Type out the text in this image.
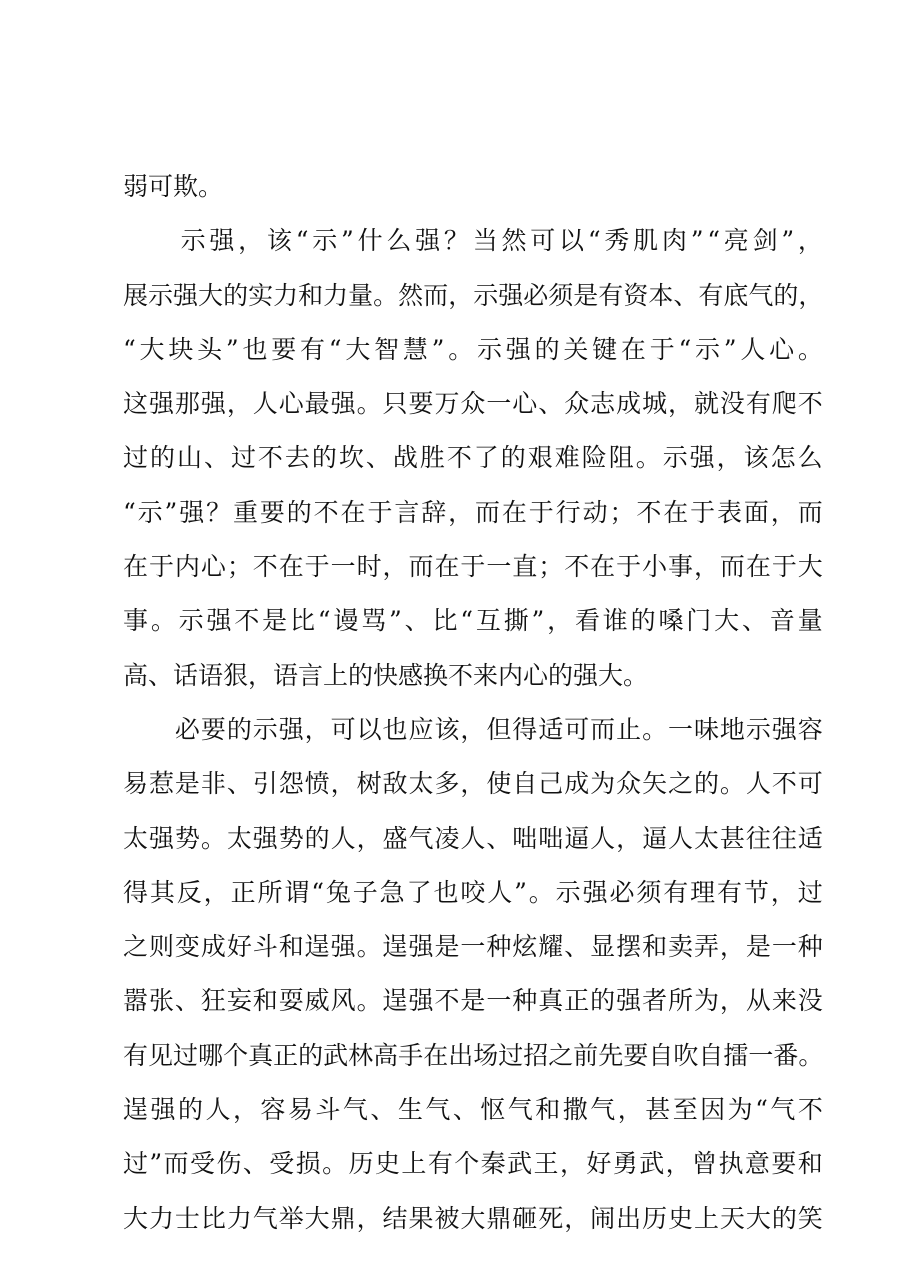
弱可欺。

示 强 ， 该 “ 示 ” 什 么 强 ？ 当 然 可 以 “ 秀 肌 肉 ” “ 亮 剑 ” ，
展 示 强 大 的 实 力 和 力 量 。 然 而 ， 示 强 必 须 是 有 资 本 、 有 底 气 的 ，
“ 大 块 头 ” 也 要 有 “ 大 智 慧 ” 。 示 强 的 关 键 在 于 “ 示 ” 人 心 。
这 强 那 强 ， 人 心 最 强 。 只 要 万 众 一 心 、 众 志 成 城 ， 就 没 有 爬 不
过 的 山 、 过 不 去 的 坎 、 战 胜 不 了 的 艰 难 险 阻 。 示 强 ， 该 怎 么
“ 示 ” 强 ？ 重 要 的 不 在 于 言 辞 ， 而 在 于 行 动 ； 不 在 于 表 面 ， 而
在 于 内 心 ； 不 在 于 一 时 ， 而 在 于 一 直 ； 不 在 于 小 事 ， 而 在 于 大
事 。 示 强 不 是 比 “ 谩 骂 ” 、 比 “ 互 撕 ” ， 看 谁 的 嗓 门 大 、 音 量
高、话语狠，语言上的快感换不来内心的强大。

必 要 的 示 强 ， 可 以 也 应 该 ， 但 得 适 可 而 止 。 一 味 地 示 强 容
易 惹 是 非 、 引 怨 愤 ， 树 敌 太 多 ， 使 自 己 成 为 众 矢 之 的 。 人 不 可
太 强 势 。 太 强 势 的 人 ， 盛 气 凌 人 、 咄 咄 逼 人 ， 逼 人 太 甚 往 往 适
得 其 反 ， 正 所 谓 “ 兔 子 急 了 也 咬 人 ” 。 示 强 必 须 有 理 有 节 ， 过
之 则 变 成 好 斗 和 逞 强 。 逞 强 是 一 种 炫 耀 、 显 摆 和 卖 弄 ， 是 一 种
嚣 张 、 狂 妄 和 耍 威 风 。 逞 强 不 是 一 种 真 正 的 强 者 所 为 ， 从 来 没
有 见 过 哪 个 真 正 的 武 林 高 手 在 出 场 过 招 之 前 先 要 自 吹 自 擂 一 番 。
逞 强 的 人 ， 容 易 斗 气 、 生 气 、 怄 气 和 撒 气 ， 甚 至 因 为 “ 气 不
过 ” 而 受 伤 、 受 损 。 历 史 上 有 个 秦 武 王 ， 好 勇 武 ， 曾 执 意 要 和
大 力 士 比 力 气 举 大 鼎 ， 结 果 被 大 鼎 砸 死 ， 闹 出 历 史 上 天 大 的 笑
